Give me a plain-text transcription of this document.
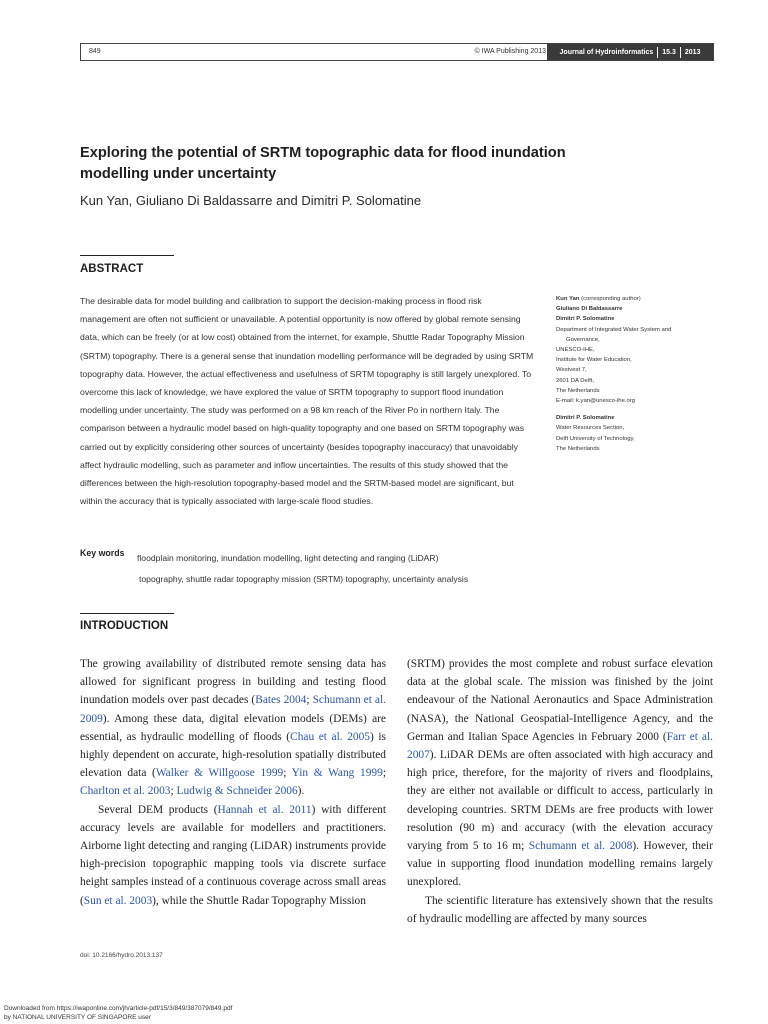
849	© IWA Publishing 2013 Journal of Hydroinformatics 15.3 2013
Exploring the potential of SRTM topographic data for flood inundation modelling under uncertainty
Kun Yan, Giuliano Di Baldassarre and Dimitri P. Solomatine
ABSTRACT

The desirable data for model building and calibration to support the decision-making process in flood risk management are often not sufficient or unavailable. A potential opportunity is now offered by global remote sensing data, which can be freely (or at low cost) obtained from the internet, for example, Shuttle Radar Topography Mission (SRTM) topography. There is a general sense that inundation modelling performance will be degraded by using SRTM topography data. However, the actual effectiveness and usefulness of SRTM topography is still largely unexplored. To overcome this lack of knowledge, we have explored the value of SRTM topography to support flood inundation modelling under uncertainty. The study was performed on a 98 km reach of the River Po in northern Italy. The comparison between a hydraulic model based on high-quality topography and one based on SRTM topography was carried out by explicitly considering other sources of uncertainty (besides topography inaccuracy) that unavoidably affect hydraulic modelling, such as parameter and inflow uncertainties. The results of this study showed that the differences between the high-resolution topography-based model and the SRTM-based model are significant, but within the accuracy that is typically associated with large-scale flood studies.

Key words floodplain monitoring, inundation modelling, light detecting and ranging (LiDAR)
topography, shuttle radar topography mission (SRTM) topography, uncertainty analysis
Kun Yan (corresponding author)
Giuliano Di Baldassarre
Dimitri P. Solomatine
Department of Integrated Water System and
Governance,
UNESCO-IHE,
Institute for Water Education,
Westvest 7,
2601 DA Delft,
The Netherlands
E-mail: k.yan@unesco-ihe.org
Dimitri P. Solomatine
Water Resources Section,
Delft University of Technology,
The Netherlands
INTRODUCTION

The growing availability of distributed remote sensing data has allowed for significant progress in building and testing flood inundation models over past decades (Bates 2004; Schumann et al. 2009). Among these data, digital elevation models (DEMs) are essential, as hydraulic modelling of floods (Chau et al. 2005) is highly dependent on accurate, high-resolution spatially distributed elevation data (Walker & Willgoose 1999; Yin & Wang 1999; Charlton et al. 2003; Ludwig & Schneider 2006).

Several DEM products (Hannah et al. 2011) with different accuracy levels are available for modellers and practitioners. Airborne light detecting and ranging (LiDAR) instruments provide high-precision topographic mapping tools via discrete surface height samples instead of a continuous coverage across small areas (Sun et al. 2003), while the Shuttle Radar Topography Mission

(SRTM) provides the most complete and robust surface elevation data at the global scale. The mission was finished by the joint endeavour of the National Aeronautics and Space Administration (NASA), the National Geospatial-Intelligence Agency, and the German and Italian Space Agencies in February 2000 (Farr et al. 2007). LiDAR DEMs are often associated with high accuracy and high price, therefore, for the majority of rivers and floodplains, they are either not available or difficult to access, particularly in developing countries. SRTM DEMs are free products with lower resolution (90 m) and accuracy (with the elevation accuracy varying from 5 to 16 m; Schumann et al. 2008). However, their value in supporting flood inundation modelling remains largely unexplored.

The scientific literature has extensively shown that the results of hydraulic modelling are affected by many sources

doi: 10.2166/hydro.2013.137
Downloaded from https://iwaponline.com/jh/article-pdf/15/3/849/387079/849.pdf
by NATIONAL UNIVERSITY OF SINGAPORE user
